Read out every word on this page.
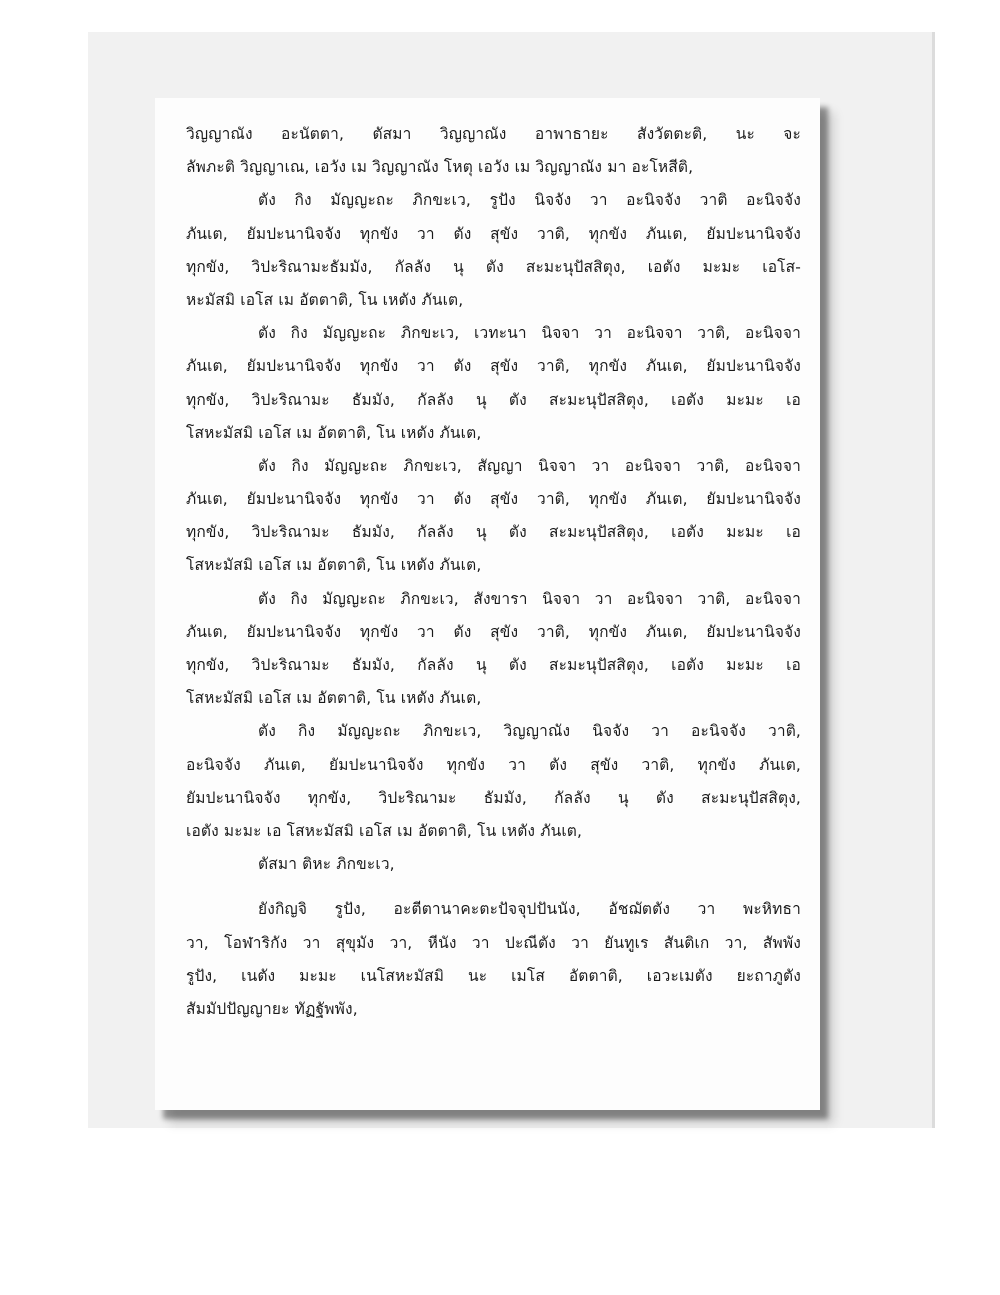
วิญญาณัง อะนัตตา, ตัสมา วิญญาณัง อาพาธายะ สังวัตตะติ, นะ จะ
ลัพภะติ วิญญาเณ, เอวัง เม วิญญาณัง โหตุ เอวัง เม วิญญาณัง มา อะโหสีติ,
ตัง กิง มัญญะถะ ภิกขะเว, รูปัง นิจจัง วา อะนิจจัง วาติ อะนิจจัง
ภันเต, ยัมปะนานิจจัง ทุกขัง วา ตัง สุขัง วาติ, ทุกขัง ภันเต, ยัมปะนานิจจัง
ทุกขัง, วิปะริณามะธัมมัง, กัลลัง นุ ตัง สะมะนุปัสสิตุง, เอตัง มะมะ เอโส-
หะมัสมิ เอโส เม อัตตาติ, โน เหตัง ภันเต,
ตัง กิง มัญญะถะ ภิกขะเว, เวทะนา นิจจา วา อะนิจจา วาติ, อะนิจจา
ภันเต, ยัมปะนานิจจัง ทุกขัง วา ตัง สุขัง วาติ, ทุกขัง ภันเต, ยัมปะนานิจจัง
ทุกขัง, วิปะริณามะ ธัมมัง, กัลลัง นุ ตัง สะมะนุปัสสิตุง, เอตัง มะมะ เอ
โสหะมัสมิ เอโส เม อัตตาติ, โน เหตัง ภันเต,
ตัง กิง มัญญะถะ ภิกขะเว, สัญญา นิจจา วา อะนิจจา วาติ, อะนิจจา
ภันเต, ยัมปะนานิจจัง ทุกขัง วา ตัง สุขัง วาติ, ทุกขัง ภันเต, ยัมปะนานิจจัง
ทุกขัง, วิปะริณามะ ธัมมัง, กัลลัง นุ ตัง สะมะนุปัสสิตุง, เอตัง มะมะ เอ
โสหะมัสมิ เอโส เม อัตตาติ, โน เหตัง ภันเต,
ตัง กิง มัญญะถะ ภิกขะเว, สังขารา นิจจา วา อะนิจจา วาติ, อะนิจจา
ภันเต, ยัมปะนานิจจัง ทุกขัง วา ตัง สุขัง วาติ, ทุกขัง ภันเต, ยัมปะนานิจจัง
ทุกขัง, วิปะริณามะ ธัมมัง, กัลลัง นุ ตัง สะมะนุปัสสิตุง, เอตัง มะมะ เอ
โสหะมัสมิ เอโส เม อัตตาติ, โน เหตัง ภันเต,
ตัง กิง มัญญะถะ ภิกขะเว, วิญญาณัง นิจจัง วา อะนิจจัง วาติ,
อะนิจจัง ภันเต, ยัมปะนานิจจัง ทุกขัง วา ตัง สุขัง วาติ, ทุกขัง ภันเต,
ยัมปะนานิจจัง ทุกขัง, วิปะริณามะ ธัมมัง, กัลลัง นุ ตัง สะมะนุปัสสิตุง,
เอตัง มะมะ เอ โสหะมัสมิ เอโส เม อัตตาติ, โน เหตัง ภันเต,
ตัสมา ติหะ ภิกขะเว,
ยังกิญจิ รูปัง, อะตีตานาคะตะปัจจุปปันนัง, อัชฌัตตัง วา พะหิทธา
วา, โอฬาริกัง วา สุขุมัง วา, หีนัง วา ปะณีตัง วา ยันทูเร สันติเก วา, สัพพัง
รูปัง, เนตัง มะมะ เนโสหะมัสมิ นะ เมโส อัตตาติ, เอวะเมตัง ยะถาภูตัง
สัมมัปปัญญายะ ทัฏฐัพพัง,
